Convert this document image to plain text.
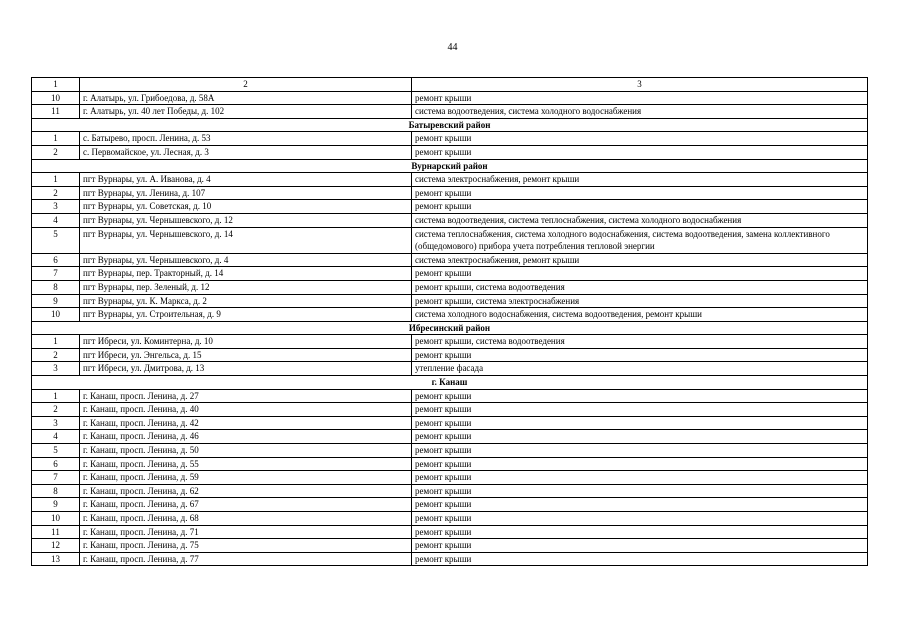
44
1	2	3
10	г. Алатырь, ул. Грибоедова, д. 58А	ремонт крыши
11	г. Алатырь, ул. 40 лет Победы, д. 102	система водоотведения, система холодного водоснабжения
Батыревский район		
1	с. Батырево, просп. Ленина, д. 53	ремонт крыши
2	с. Первомайское, ул. Лесная, д. 3	ремонт крыши
Вурнарский район		
1	пгт Вурнары, ул. А. Иванова, д. 4	система электроснабжения, ремонт крыши
2	пгт Вурнары, ул. Ленина, д. 107	ремонт крыши
3	пгт Вурнары, ул. Советская, д. 10	ремонт крыши
4	пгт Вурнары, ул. Чернышевского, д. 12	система водоотведения, система теплоснабжения, система холодного водоснабжения
5	пгт Вурнары, ул. Чернышевского, д. 14	система теплоснабжения, система холодного водоснабжения, система водоотведения, замена коллективного (общедомового) прибора учета потребления тепловой энергии
6	пгт Вурнары, ул. Чернышевского, д. 4	система электроснабжения, ремонт крыши
7	пгт Вурнары, пер. Тракторный, д. 14	ремонт крыши
8	пгт Вурнары, пер. Зеленый, д. 12	ремонт крыши, система водоотведения
9	пгт Вурнары, ул. К. Маркса, д. 2	ремонт крыши, система электроснабжения
10	пгт Вурнары, ул. Строительная, д. 9	система холодного водоснабжения, система водоотведения, ремонт крыши
Ибресинский район		
1	пгт Ибреси, ул. Коминтерна, д. 10	ремонт крыши, система водоотведения
2	пгт Ибреси, ул. Энгельса, д. 15	ремонт крыши
3	пгт Ибреси, ул. Дмитрова, д. 13	утепление фасада
г. Канаш		
1	г. Канаш, просп. Ленина, д. 27	ремонт крыши
2	г. Канаш, просп. Ленина, д. 40	ремонт крыши
3	г. Канаш, просп. Ленина, д. 42	ремонт крыши
4	г. Канаш, просп. Ленина, д. 46	ремонт крыши
5	г. Канаш, просп. Ленина, д. 50	ремонт крыши
6	г. Канаш, просп. Ленина, д. 55	ремонт крыши
7	г. Канаш, просп. Ленина, д. 59	ремонт крыши
8	г. Канаш, просп. Ленина, д. 62	ремонт крыши
9	г. Канаш, просп. Ленина, д. 67	ремонт крыши
10	г. Канаш, просп. Ленина, д. 68	ремонт крыши
11	г. Канаш, просп. Ленина, д. 71	ремонт крыши
12	г. Канаш, просп. Ленина, д. 75	ремонт крыши
13	г. Канаш, просп. Ленина, д. 77	ремонт крыши
